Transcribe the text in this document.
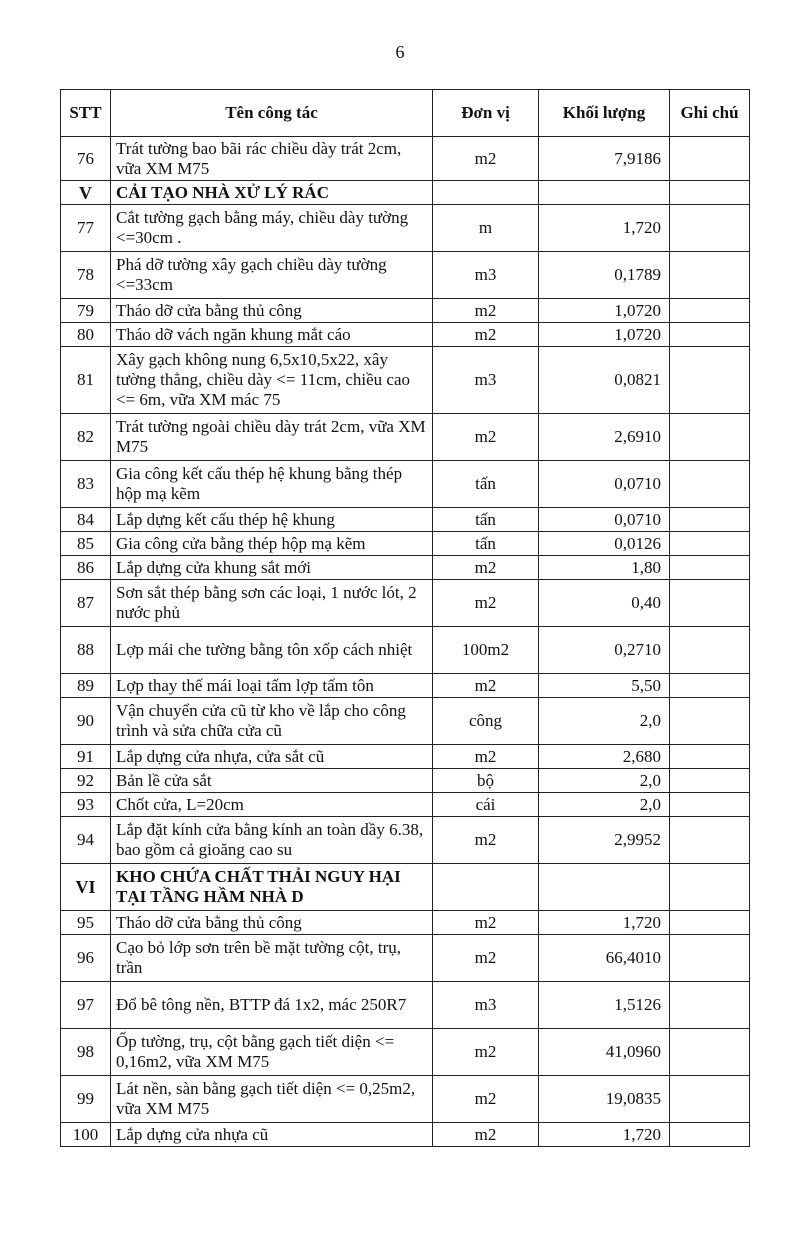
6
STT	Tên công tác	Đơn vị	Khối lượng	Ghi chú
76	Trát tường bao bãi rác chiều dày trát 2cm, vữa XM M75	m2	7,9186	
V	CẢI TẠO NHÀ XỬ LÝ RÁC			
77	Cắt tường gạch bằng máy, chiều dày tường <=30cm .	m	1,720	
78	Phá dỡ tường xây gạch chiều dày tường <=33cm	m3	0,1789	
79	Tháo dỡ cửa bằng thủ công	m2	1,0720	
80	Tháo dỡ vách ngăn khung mắt cáo	m2	1,0720	
81	Xây gạch không nung 6,5x10,5x22, xây tường thẳng, chiều dày <= 11cm, chiều cao <= 6m, vữa XM mác 75	m3	0,0821	
82	Trát tường ngoài chiều dày trát 2cm, vữa XM M75	m2	2,6910	
83	Gia công kết cấu thép hệ khung bằng thép hộp mạ kẽm	tấn	0,0710	
84	Lắp dựng kết cấu thép hệ khung	tấn	0,0710	
85	Gia công cửa bằng thép hộp mạ kẽm	tấn	0,0126	
86	Lắp dựng cửa khung sắt mới	m2	1,80	
87	Sơn sắt thép bằng sơn các loại, 1 nước lót, 2 nước phủ	m2	0,40	
88	Lợp mái che tường bằng tôn xốp cách nhiệt	100m2	0,2710	
89	Lợp thay thế mái loại tấm lợp tấm tôn	m2	5,50	
90	Vận chuyển cửa cũ từ kho về lắp cho công trình và sửa chữa cửa cũ	công	2,0	
91	Lắp dựng cửa nhựa, cửa sắt cũ	m2	2,680	
92	Bản lề cửa sắt	bộ	2,0	
93	Chốt cửa, L=20cm	cái	2,0	
94	Lắp đặt kính cửa bằng kính an toàn dầy 6.38, bao gồm cả gioăng cao su	m2	2,9952	
VI	KHO CHỨA CHẤT THẢI NGUY HẠI TẠI TẦNG HẦM NHÀ D			
95	Tháo dỡ cửa bằng thủ công	m2	1,720	
96	Cạo bỏ lớp sơn trên bề mặt tường cột, trụ, trần	m2	66,4010	
97	Đổ bê tông nền, BTTP đá 1x2, mác 250R7	m3	1,5126	
98	Ốp tường, trụ, cột bằng gạch tiết diện <= 0,16m2, vữa XM M75	m2	41,0960	
99	Lát nền, sàn bằng gạch tiết diện <= 0,25m2, vữa XM M75	m2	19,0835	
100	Lắp dựng cửa nhựa cũ	m2	1,720	
